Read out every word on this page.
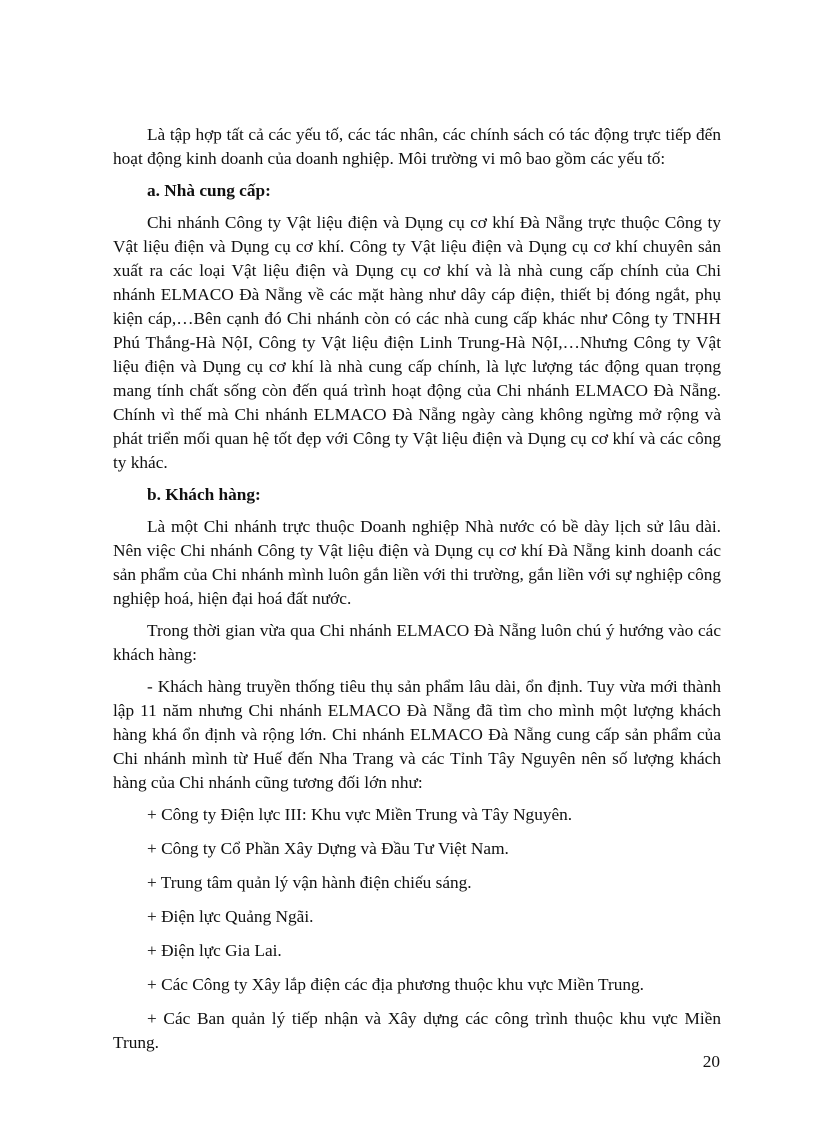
Là tập hợp tất cả các yếu tố, các tác nhân, các chính sách có tác động trực tiếp đến hoạt động kinh doanh của doanh nghiệp. Môi trường vi mô bao gồm các yếu tố:

a. Nhà cung cấp:

Chi nhánh Công ty Vật liệu điện và Dụng cụ cơ khí Đà Nẵng trực thuộc Công ty Vật liệu điện và Dụng cụ cơ khí. Công ty Vật liệu điện và Dụng cụ cơ khí chuyên sản xuất ra các loại Vật liệu điện và Dụng cụ cơ khí và là nhà cung cấp chính của Chi nhánh ELMACO Đà Nẵng về các mặt hàng như dây cáp điện, thiết bị đóng ngắt, phụ kiện cáp,…Bên cạnh đó Chi nhánh còn có các nhà cung cấp khác như Công ty TNHH Phú Thắng-Hà NộI, Công ty Vật liệu điện Linh Trung-Hà NộI,…Nhưng Công ty Vật liệu điện và Dụng cụ cơ khí là nhà cung cấp chính, là lực lượng tác động quan trọng mang tính chất sống còn đến quá trình hoạt động của Chi nhánh ELMACO Đà Nẵng. Chính vì thế mà Chi nhánh ELMACO Đà Nẵng ngày càng không ngừng mở rộng và phát triển mối quan hệ tốt đẹp với Công ty Vật liệu điện và Dụng cụ cơ khí và các công ty khác.

b. Khách hàng:

Là một Chi nhánh trực thuộc Doanh nghiệp Nhà nước có bề dày lịch sử lâu dài. Nên việc Chi nhánh Công ty Vật liệu điện và Dụng cụ cơ khí Đà Nẵng kinh doanh các sản phẩm của Chi nhánh mình luôn gắn liền với thi trường, gắn liền với sự nghiệp công nghiệp hoá, hiện đại hoá đất nước.

Trong thời gian vừa qua Chi nhánh ELMACO Đà Nẵng luôn chú ý hướng vào các khách hàng:

- Khách hàng truyền thống tiêu thụ sản phẩm lâu dài, ổn định. Tuy vừa mới thành lập 11 năm nhưng Chi nhánh ELMACO Đà Nẵng đã tìm cho mình một lượng khách hàng khá ổn định và rộng lớn. Chi nhánh ELMACO Đà Nẵng cung cấp sản phẩm của Chi nhánh mình từ Huế đến Nha Trang và các Tỉnh Tây Nguyên nên số lượng khách hàng của Chi nhánh cũng tương đối lớn như:

+ Công ty Điện lực III: Khu vực Miền Trung và Tây Nguyên.

+ Công ty Cổ Phần Xây Dựng và Đầu Tư Việt Nam.

+ Trung tâm quản lý vận hành điện chiếu sáng.

+ Điện lực Quảng Ngãi.

+ Điện lực Gia Lai.

+ Các Công ty Xây lắp điện các địa phương thuộc khu vực Miền Trung.

+ Các Ban quản lý tiếp nhận và Xây dựng các công trình thuộc khu vực Miền Trung.

20
